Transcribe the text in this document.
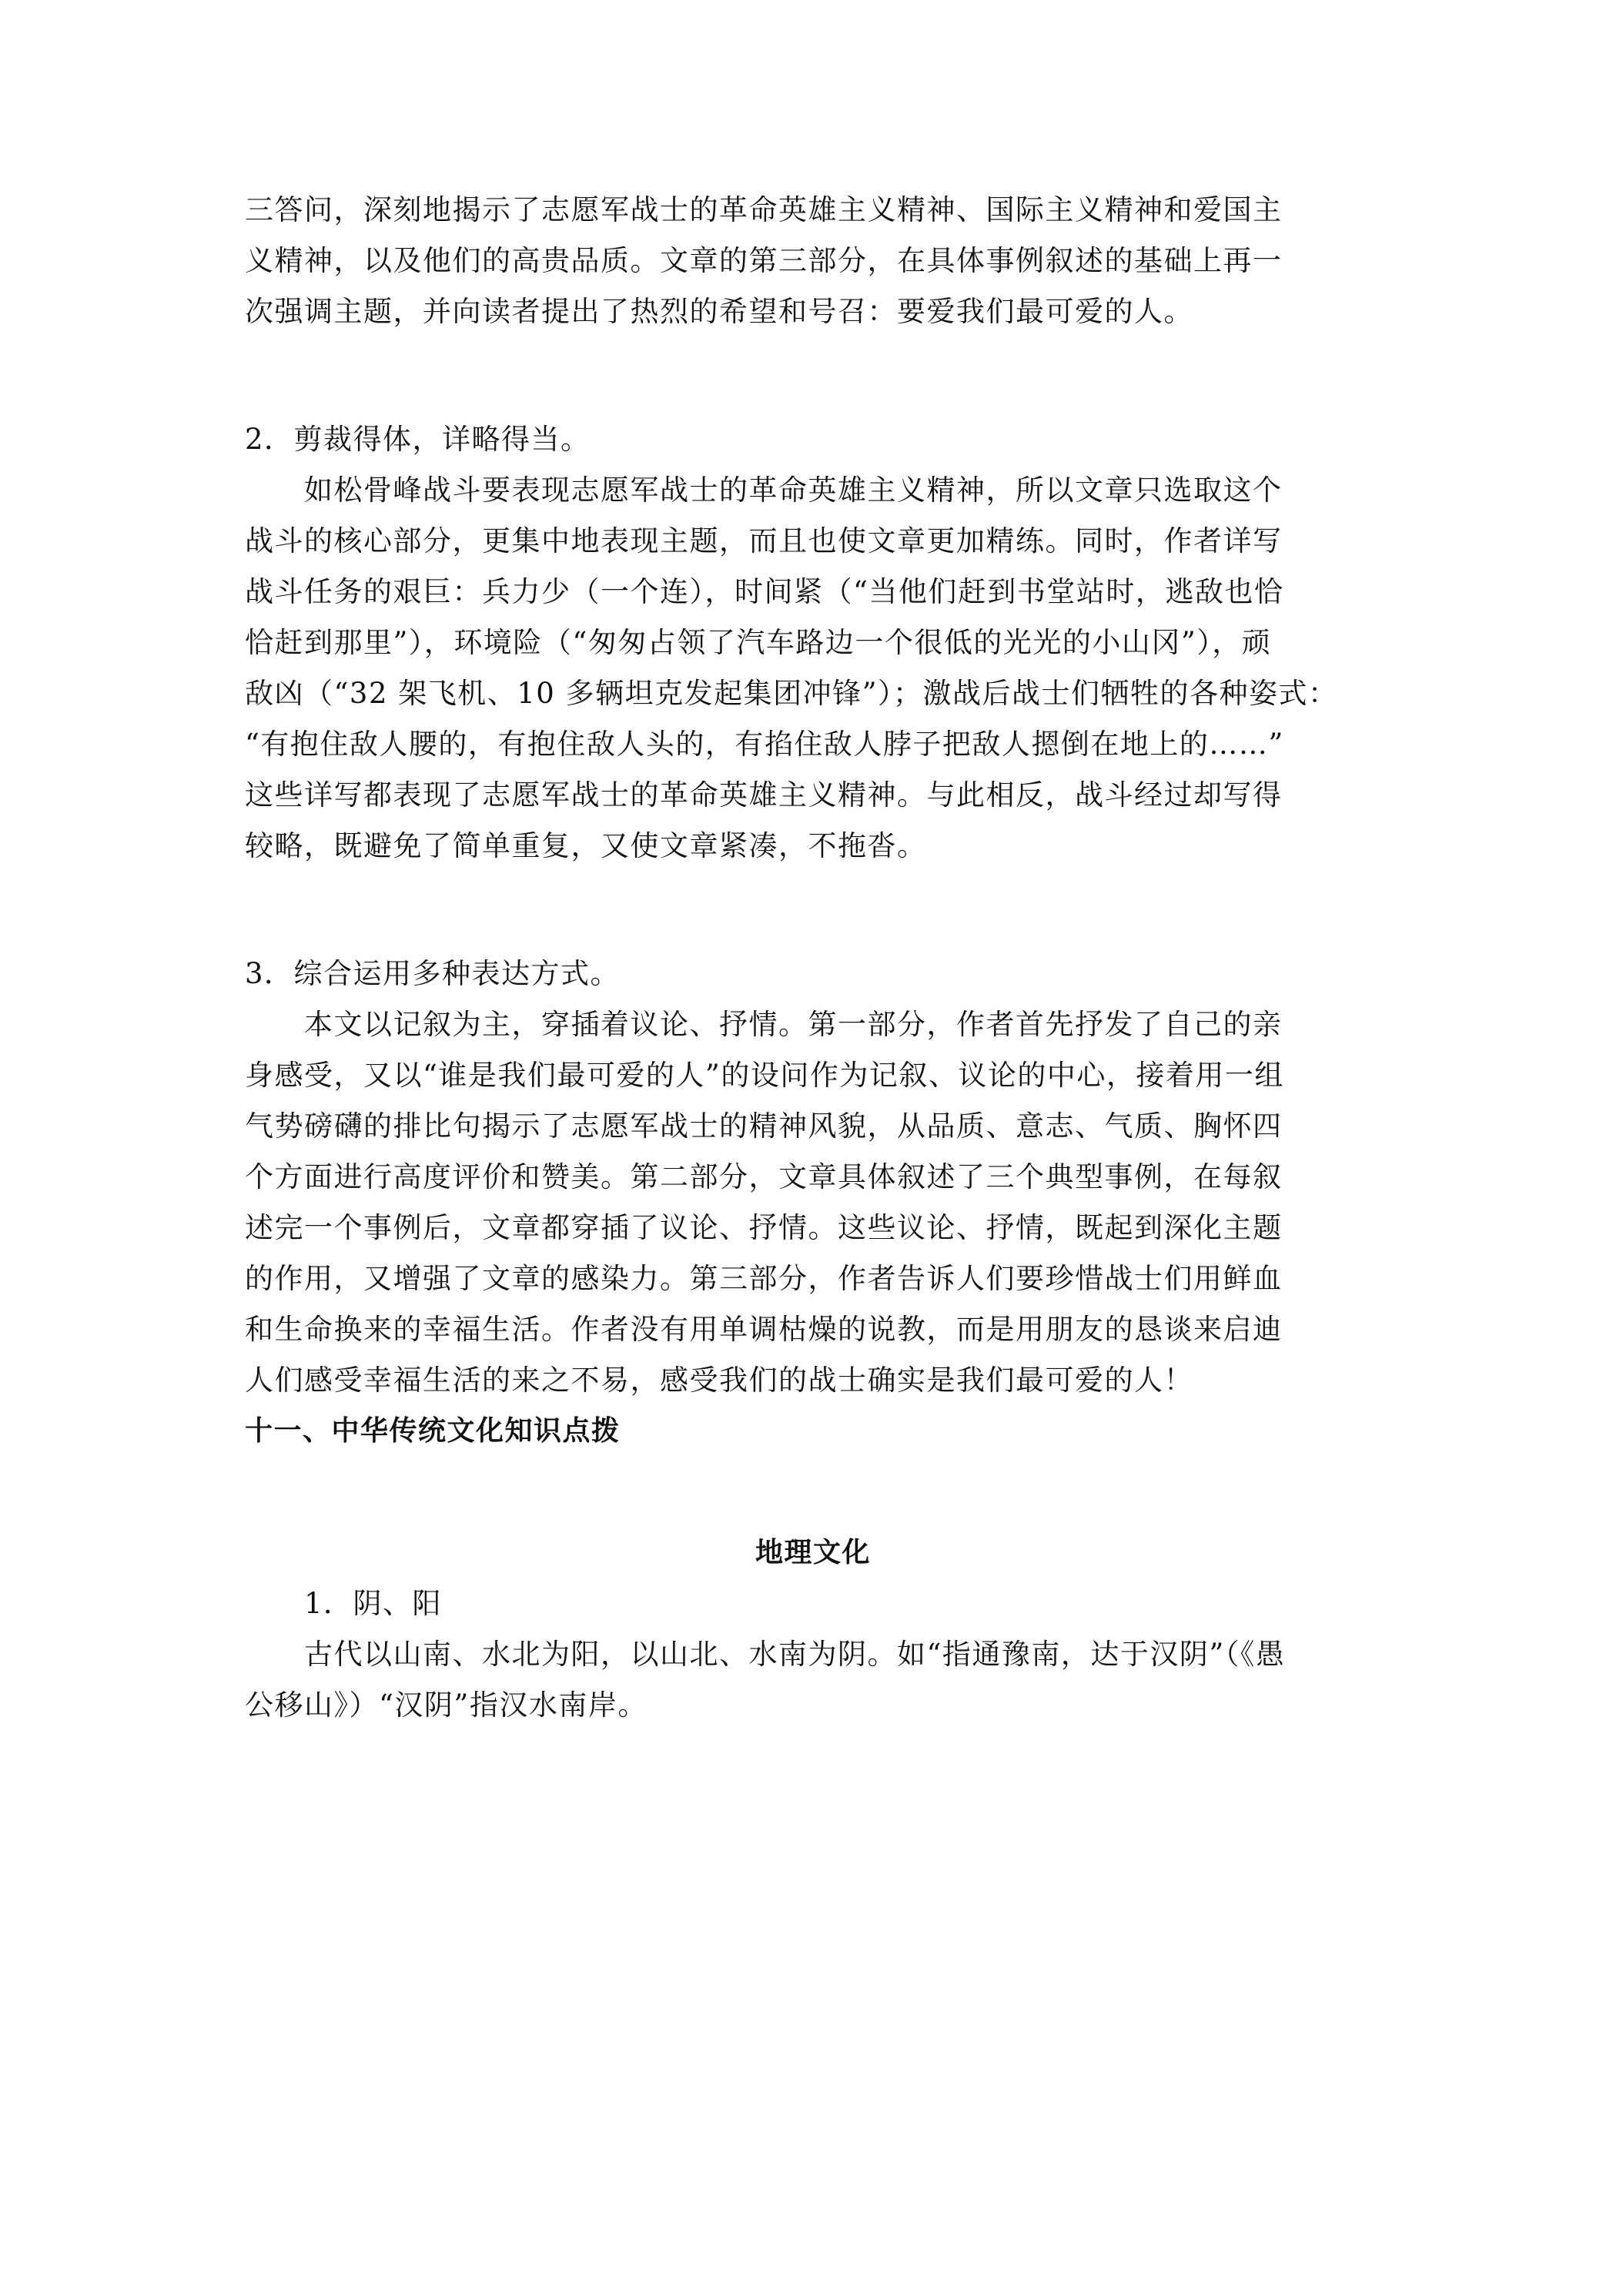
三答问，深刻地揭示了志愿军战士的革命英雄主义精神、国际主义精神和爱国主
义精神，以及他们的高贵品质。文章的第三部分，在具体事例叙述的基础上再一
次强调主题，并向读者提出了热烈的希望和号召：要爱我们最可爱的人。

2．剪裁得体，详略得当。

　　如松骨峰战斗要表现志愿军战士的革命英雄主义精神，所以文章只选取这个
战斗的核心部分，更集中地表现主题，而且也使文章更加精练。同时，作者详写
战斗任务的艰巨：兵力少（一个连），时间紧（“当他们赶到书堂站时，逃敌也恰
恰赶到那里”），环境险（“匆匆占领了汽车路边一个很低的光光的小山冈”），顽
敌凶（“32 架飞机、10 多辆坦克发起集团冲锋”）；激战后战士们牺牲的各种姿式：
“有抱住敌人腰的，有抱住敌人头的，有掐住敌人脖子把敌人摁倒在地上的……”
这些详写都表现了志愿军战士的革命英雄主义精神。与此相反，战斗经过却写得
较略，既避免了简单重复，又使文章紧凑，不拖沓。

3．综合运用多种表达方式。

　　本文以记叙为主，穿插着议论、抒情。第一部分，作者首先抒发了自己的亲
身感受，又以“谁是我们最可爱的人”的设问作为记叙、议论的中心，接着用一组
气势磅礴的排比句揭示了志愿军战士的精神风貌，从品质、意志、气质、胸怀四
个方面进行高度评价和赞美。第二部分，文章具体叙述了三个典型事例，在每叙
述完一个事例后，文章都穿插了议论、抒情。这些议论、抒情，既起到深化主题
的作用，又增强了文章的感染力。第三部分，作者告诉人们要珍惜战士们用鲜血
和生命换来的幸福生活。作者没有用单调枯燥的说教，而是用朋友的恳谈来启迪
人们感受幸福生活的来之不易，感受我们的战士确实是我们最可爱的人！

十一、中华传统文化知识点拨

地理文化

　　1．阴、阳

　　古代以山南、水北为阳，以山北、水南为阴。如“指通豫南，达于汉阴”（《愚
公移山》）“汉阴”指汉水南岸。
